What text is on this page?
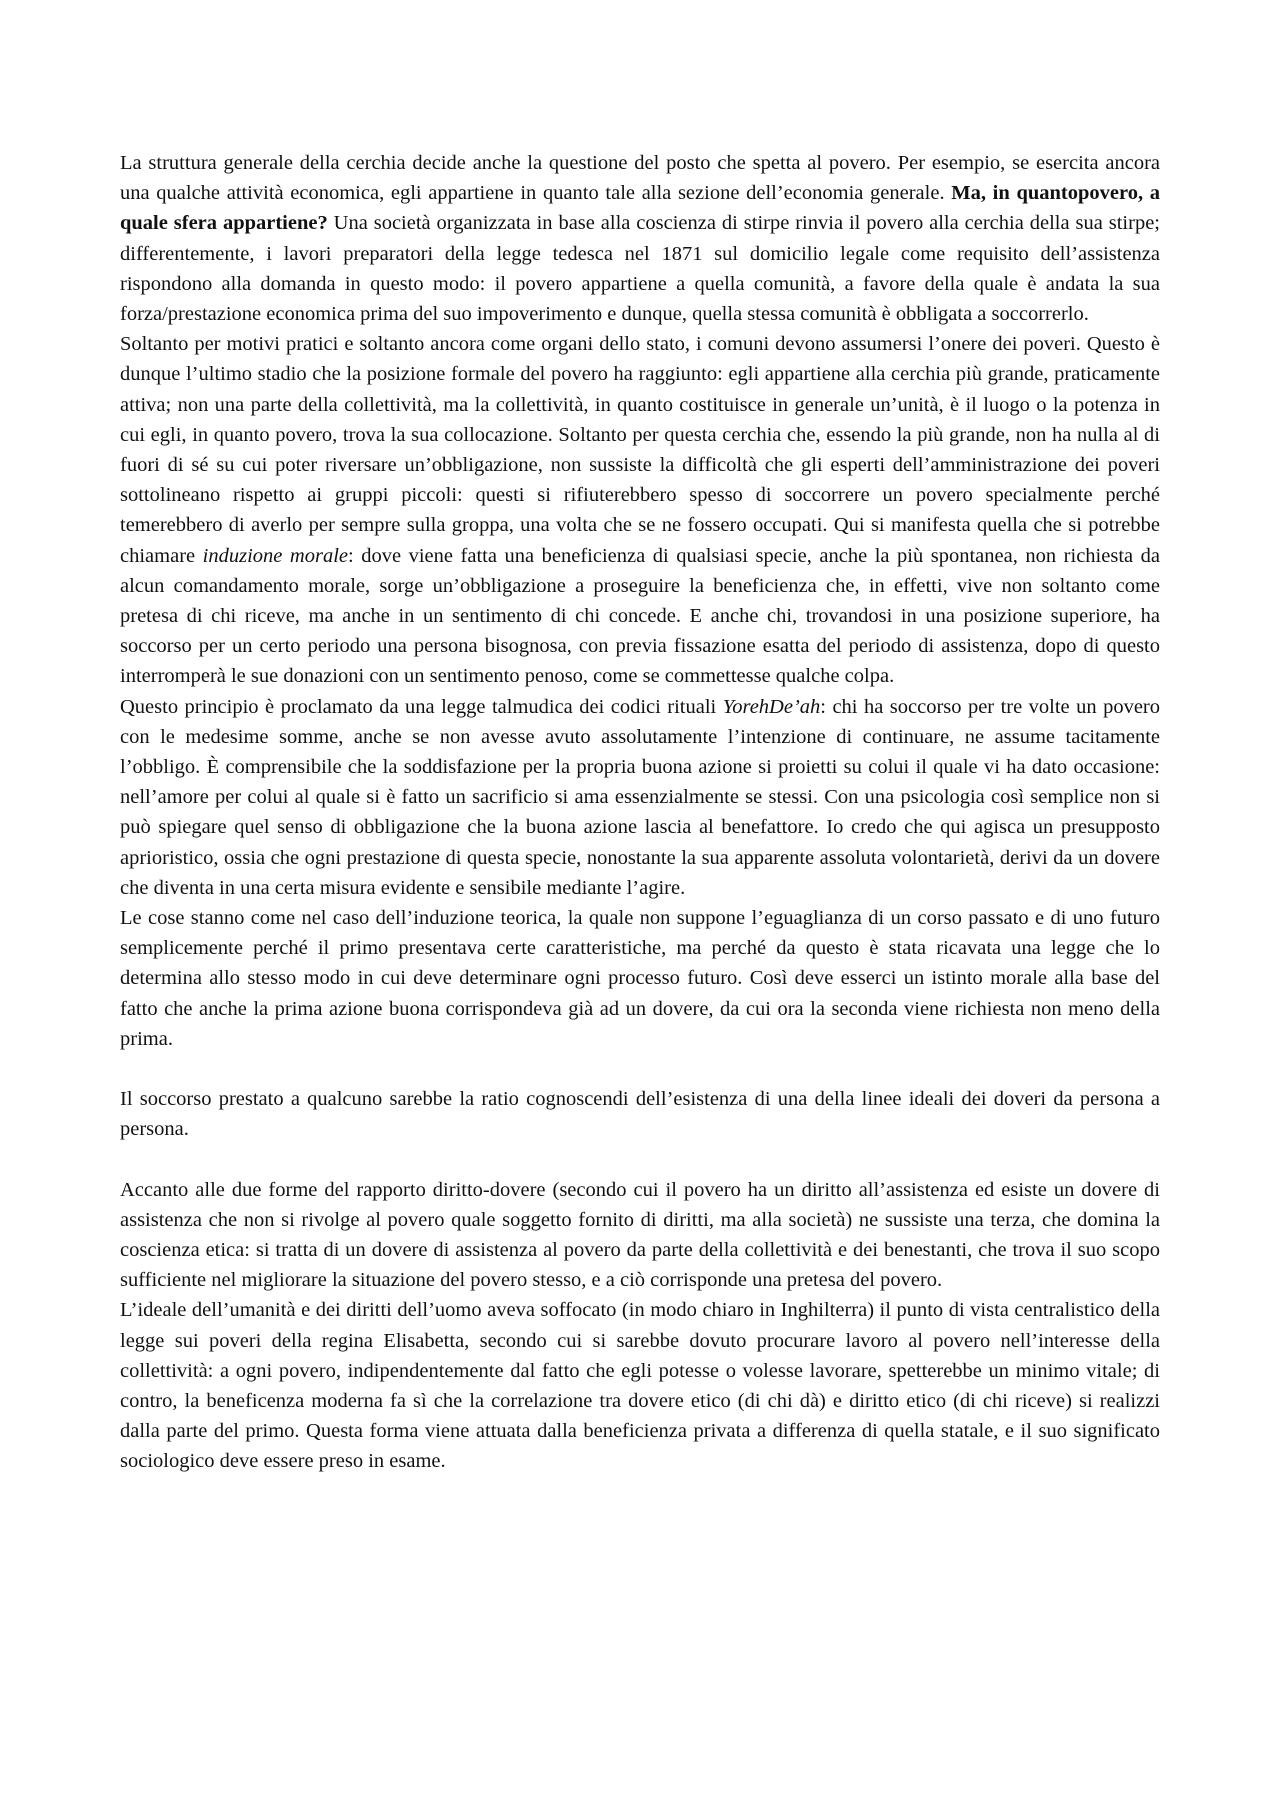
La struttura generale della cerchia decide anche la questione del posto che spetta al povero. Per esempio, se esercita ancora una qualche attività economica, egli appartiene in quanto tale alla sezione dell’economia generale. Ma, in quantopovero, a quale sfera appartiene? Una società organizzata in base alla coscienza di stirpe rinvia il povero alla cerchia della sua stirpe; differentemente, i lavori preparatori della legge tedesca nel 1871 sul domicilio legale come requisito dell’assistenza rispondono alla domanda in questo modo: il povero appartiene a quella comunità, a favore della quale è andata la sua forza/prestazione economica prima del suo impoverimento e dunque, quella stessa comunità è obbligata a soccorrerlo.

Soltanto per motivi pratici e soltanto ancora come organi dello stato, i comuni devono assumersi l’onere dei poveri. Questo è dunque l’ultimo stadio che la posizione formale del povero ha raggiunto: egli appartiene alla cerchia più grande, praticamente attiva; non una parte della collettività, ma la collettività, in quanto costituisce in generale un’unità, è il luogo o la potenza in cui egli, in quanto povero, trova la sua collocazione. Soltanto per questa cerchia che, essendo la più grande, non ha nulla al di fuori di sé su cui poter riversare un’obbligazione, non sussiste la difficoltà che gli esperti dell’amministrazione dei poveri sottolineano rispetto ai gruppi piccoli: questi si rifiuterebbero spesso di soccorrere un povero specialmente perché temerebbero di averlo per sempre sulla groppa, una volta che se ne fossero occupati. Qui si manifesta quella che si potrebbe chiamare induzione morale: dove viene fatta una beneficienza di qualsiasi specie, anche la più spontanea, non richiesta da alcun comandamento morale, sorge un’obbligazione a proseguire la beneficienza che, in effetti, vive non soltanto come pretesa di chi riceve, ma anche in un sentimento di chi concede. E anche chi, trovandosi in una posizione superiore, ha soccorso per un certo periodo una persona bisognosa, con previa fissazione esatta del periodo di assistenza, dopo di questo interromperà le sue donazioni con un sentimento penoso, come se commettesse qualche colpa.

Questo principio è proclamato da una legge talmudica dei codici rituali YorehDe’ah: chi ha soccorso per tre volte un povero con le medesime somme, anche se non avesse avuto assolutamente l’intenzione di continuare, ne assume tacitamente l’obbligo. È comprensibile che la soddisfazione per la propria buona azione si proietti su colui il quale vi ha dato occasione: nell’amore per colui al quale si è fatto un sacrificio si ama essenzialmente se stessi. Con una psicologia così semplice non si può spiegare quel senso di obbligazione che la buona azione lascia al benefattore. Io credo che qui agisca un presupposto aprioristico, ossia che ogni prestazione di questa specie, nonostante la sua apparente assoluta volontarietà, derivi da un dovere che diventa in una certa misura evidente e sensibile mediante l’agire.

Le cose stanno come nel caso dell’induzione teorica, la quale non suppone l’eguaglianza di un corso passato e di uno futuro semplicemente perché il primo presentava certe caratteristiche, ma perché da questo è stata ricavata una legge che lo determina allo stesso modo in cui deve determinare ogni processo futuro. Così deve esserci un istinto morale alla base del fatto che anche la prima azione buona corrispondeva già ad un dovere, da cui ora la seconda viene richiesta non meno della prima.

Il soccorso prestato a qualcuno sarebbe la ratio cognoscendi dell’esistenza di una della linee ideali dei doveri da persona a persona.

Accanto alle due forme del rapporto diritto-dovere (secondo cui il povero ha un diritto all’assistenza ed esiste un dovere di assistenza che non si rivolge al povero quale soggetto fornito di diritti, ma alla società) ne sussiste una terza, che domina la coscienza etica: si tratta di un dovere di assistenza al povero da parte della collettività e dei benestanti, che trova il suo scopo sufficiente nel migliorare la situazione del povero stesso, e a ciò corrisponde una pretesa del povero.

L’ideale dell’umanità e dei diritti dell’uomo aveva soffocato (in modo chiaro in Inghilterra) il punto di vista centralistico della legge sui poveri della regina Elisabetta, secondo cui si sarebbe dovuto procurare lavoro al povero nell’interesse della collettività: a ogni povero, indipendentemente dal fatto che egli potesse o volesse lavorare, spetterebbe un minimo vitale; di contro, la beneficenza moderna fa sì che la correlazione tra dovere etico (di chi dà) e diritto etico (di chi riceve) si realizzi dalla parte del primo. Questa forma viene attuata dalla beneficienza privata a differenza di quella statale, e il suo significato sociologico deve essere preso in esame.
